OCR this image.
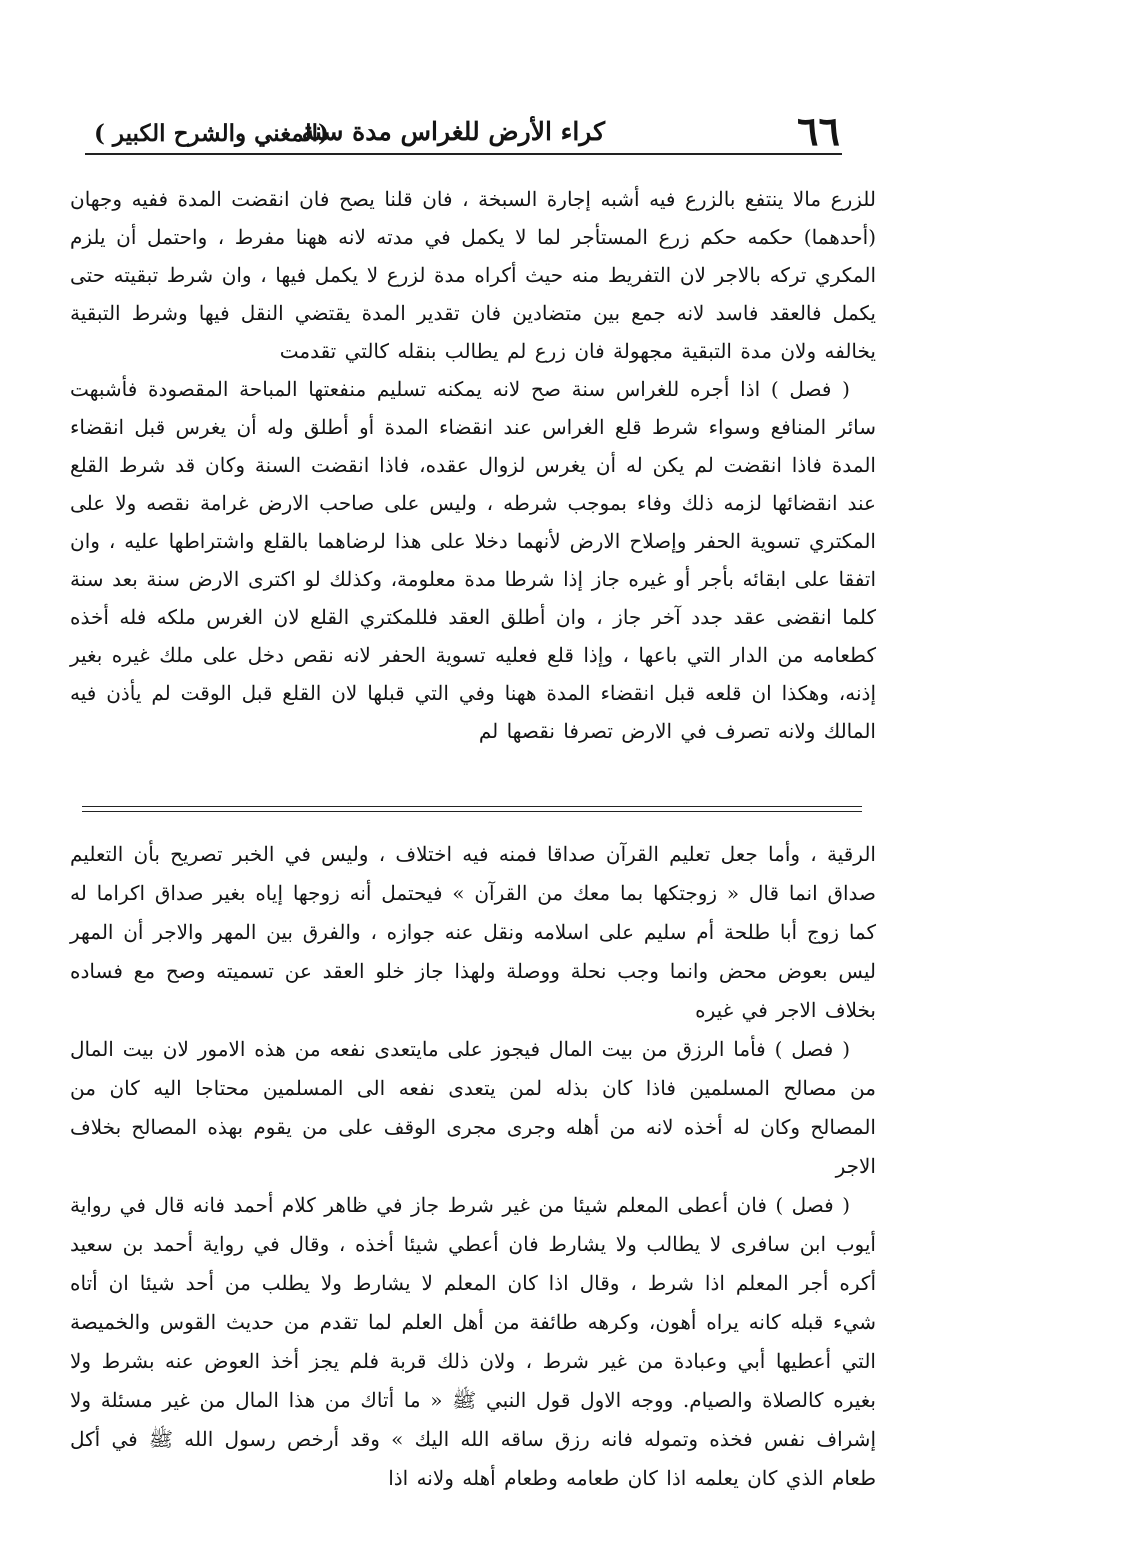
٦٦
كراء الأرض للغراس مدة سنة
(المغني والشرح الكبير )

للزرع مالا ينتفع بالزرع فيه أشبه إجارة السبخة ، فان قلنا يصح فان انقضت المدة ففيه وجهان (أحدهما) حكمه حكم زرع المستأجر لما لا يكمل في مدته لانه ههنا مفرط ، واحتمل أن يلزم المكري تركه بالاجر لان التفريط منه حيث أكراه مدة لزرع لا يكمل فيها ، وان شرط تبقيته حتى يكمل فالعقد فاسد لانه جمع بين متضادين فان تقدير المدة يقتضي النقل فيها وشرط التبقية يخالفه ولان مدة التبقية مجهولة فان زرع لم يطالب بنقله كالتي تقدمت

( فصل ) اذا أجره للغراس سنة صح لانه يمكنه تسليم منفعتها المباحة المقصودة فأشبهت سائر المنافع وسواء شرط قلع الغراس عند انقضاء المدة أو أطلق وله أن يغرس قبل انقضاء المدة فاذا انقضت لم يكن له أن يغرس لزوال عقده، فاذا انقضت السنة وكان قد شرط القلع عند انقضائها لزمه ذلك وفاء بموجب شرطه ، وليس على صاحب الارض غرامة نقصه ولا على المكتري تسوية الحفر وإصلاح الارض لأنهما دخلا على هذا لرضاهما بالقلع واشتراطها عليه ، وان اتفقا على ابقائه بأجر أو غيره جاز إذا شرطا مدة معلومة، وكذلك لو اكترى الارض سنة بعد سنة كلما انقضى عقد جدد آخر جاز ، وان أطلق العقد فللمكتري القلع لان الغرس ملكه فله أخذه كطعامه من الدار التي باعها ، وإذا قلع فعليه تسوية الحفر لانه نقص دخل على ملك غيره بغير إذنه، وهكذا ان قلعه قبل انقضاء المدة ههنا وفي التي قبلها لان القلع قبل الوقت لم يأذن فيه المالك ولانه تصرف في الارض تصرفا نقصها لم

الرقية ، وأما جعل تعليم القرآن صداقا فمنه فيه اختلاف ، وليس في الخبر تصريح بأن التعليم صداق انما قال « زوجتكها بما معك من القرآن » فيحتمل أنه زوجها إياه بغير صداق اكراما له كما زوج أبا طلحة أم سليم على اسلامه ونقل عنه جوازه ، والفرق بين المهر والاجر أن المهر ليس بعوض محض وانما وجب نحلة ووصلة ولهذا جاز خلو العقد عن تسميته وصح مع فساده بخلاف الاجر في غيره

( فصل ) فأما الرزق من بيت المال فيجوز على مايتعدى نفعه من هذه الامور لان بيت المال من مصالح المسلمين فاذا كان بذله لمن يتعدى نفعه الى المسلمين محتاجا اليه كان من المصالح وكان له أخذه لانه من أهله وجرى مجرى الوقف على من يقوم بهذه المصالح بخلاف الاجر

( فصل ) فان أعطى المعلم شيئا من غير شرط جاز في ظاهر كلام أحمد فانه قال في رواية أيوب ابن سافرى لا يطالب ولا يشارط فان أعطي شيئا أخذه ، وقال في رواية أحمد بن سعيد أكره أجر المعلم اذا شرط ، وقال اذا كان المعلم لا يشارط ولا يطلب من أحد شيئا ان أتاه شيء قبله كانه يراه أهون، وكرهه طائفة من أهل العلم لما تقدم من حديث القوس والخميصة التي أعطيها أبي وعبادة من غير شرط ، ولان ذلك قربة فلم يجز أخذ العوض عنه بشرط ولا بغيره كالصلاة والصيام. ووجه الاول قول النبي ﷺ « ما أتاك من هذا المال من غير مسئلة ولا إشراف نفس فخذه وتموله فانه رزق ساقه الله اليك » وقد أرخص رسول الله ﷺ في أكل طعام الذي كان يعلمه اذا كان طعامه وطعام أهله ولانه اذا
